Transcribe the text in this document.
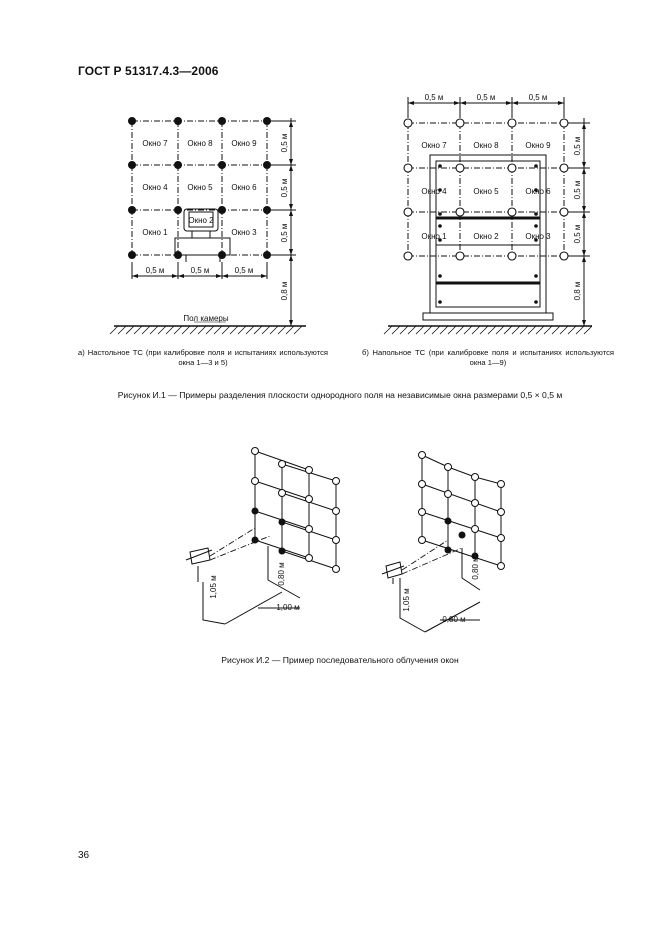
ГОСТ Р 51317.4.3—2006
Окно 7 Окно 8 Окно 9
Окно 4 Окно 5 Окно 6
Окно 1
Окно 2
Окно 3
0,5 м	0,5 м	0,5 м
Пол камеры
0,5 м
0,5 м
0,5 м
0,8 м
а) Настольное ТС (при калибровке поля и испытаниях используются окна 1—3 и 5)
0,5 м	0,5 м	0,5 м
Окно 7	Окно 8	Окно 9
Окно 4	Окно 5	Окно 6
Окно 1	Окно 2	Окно 3
0,5 м
0,5 м
0,5 м
0,8 м
б) Напольное ТС (при калибровке поля и испытаниях используются окна 1—9)
Рисунок И.1 — Примеры разделения плоскости однородного поля на независимые окна размерами 0,5 × 0,5 м
1,00 м
1,05 м
0,80 м
0,80 м
1,05 м
0,80 м
Рисунок И.2 — Пример последовательного облучения окон
36
